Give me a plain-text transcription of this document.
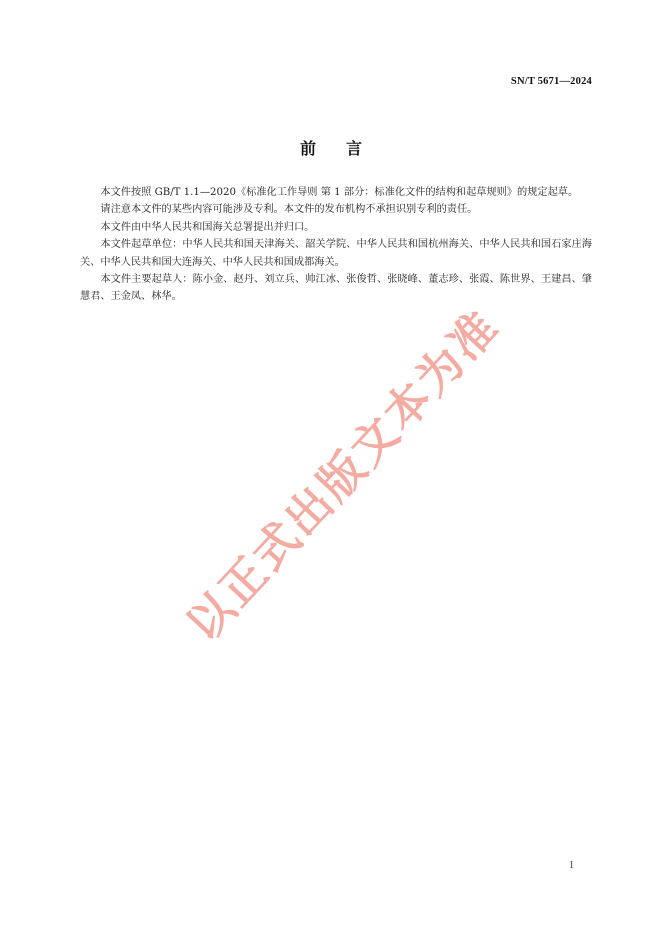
SN/T 5671—2024
前言

本文件按照 GB/T 1.1—2020《标准化工作导则 第 1 部分：标准化文件的结构和起草规则》的规定起草。

请注意本文件的某些内容可能涉及专利。本文件的发布机构不承担识别专利的责任。

本文件由中华人民共和国海关总署提出并归口。

本文件起草单位：中华人民共和国天津海关、韶关学院、中华人民共和国杭州海关、中华人民共和国石家庄海关、中华人民共和国大连海关、中华人民共和国成都海关。

本文件主要起草人：陈小金、赵丹、刘立兵、帅江冰、张俊哲、张晓峰、董志珍、张霞、陈世界、王建昌、肇慧君、王金凤、林华。

以正式出版文本为准
1
